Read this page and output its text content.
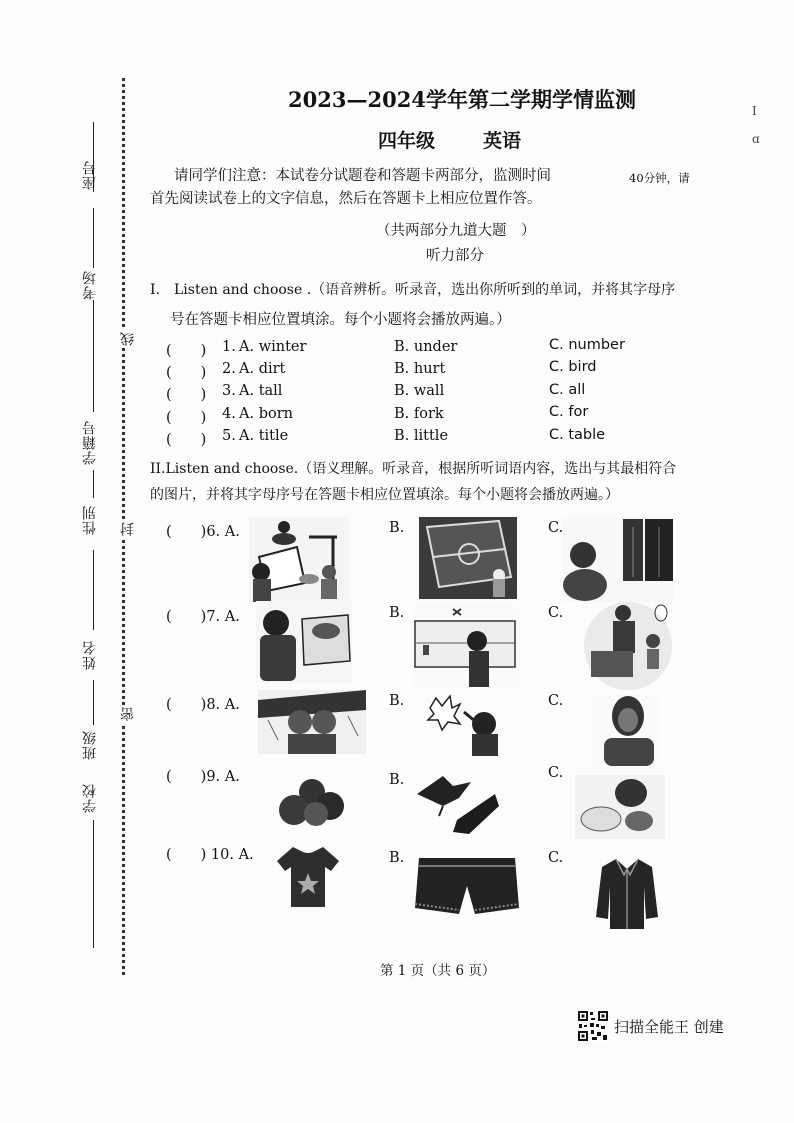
座号
考场
学籍号
性别
姓名
班级
学校
线
封
密
I
ɑ
2023—2024学年第二学期学情监测
四年级	英语
请同学们注意：本试卷分试题卷和答题卡两部分，监测时间	40分钟，请
首先阅读试卷上的文字信息，然后在答题卡上相应位置作答。
（共两部分九道大题　）
听力部分
I.　Listen and choose .（语音辨析。听录音，选出你所听到的单词，并将其字母序
号在答题卡相应位置填涂。每个小题将会播放两遍。）
(　　) 1. A. winter	B. under	C. number
(　　) 2. A. dirt	B. hurt	C. bird
(　　) 3. A. tall	B. wall	C. all
(　　) 4. A. born	B. fork	C. for
(　　) 5. A. title	B. little	C. table
II.Listen and choose.（语义理解。听录音，根据所听词语内容，选出与其最相符合
的图片，并将其字母序号在答题卡相应位置填涂。每个小题将会播放两遍。）
(　　)6. A.	B.	C.
(　　)7. A.	B.	C.
(　　)8. A.	B.	C.
(　　)9. A.	B.	C.
(　　) 10. A.	B.	C.
第 1 页（共 6 页）
扫描全能王 创建
